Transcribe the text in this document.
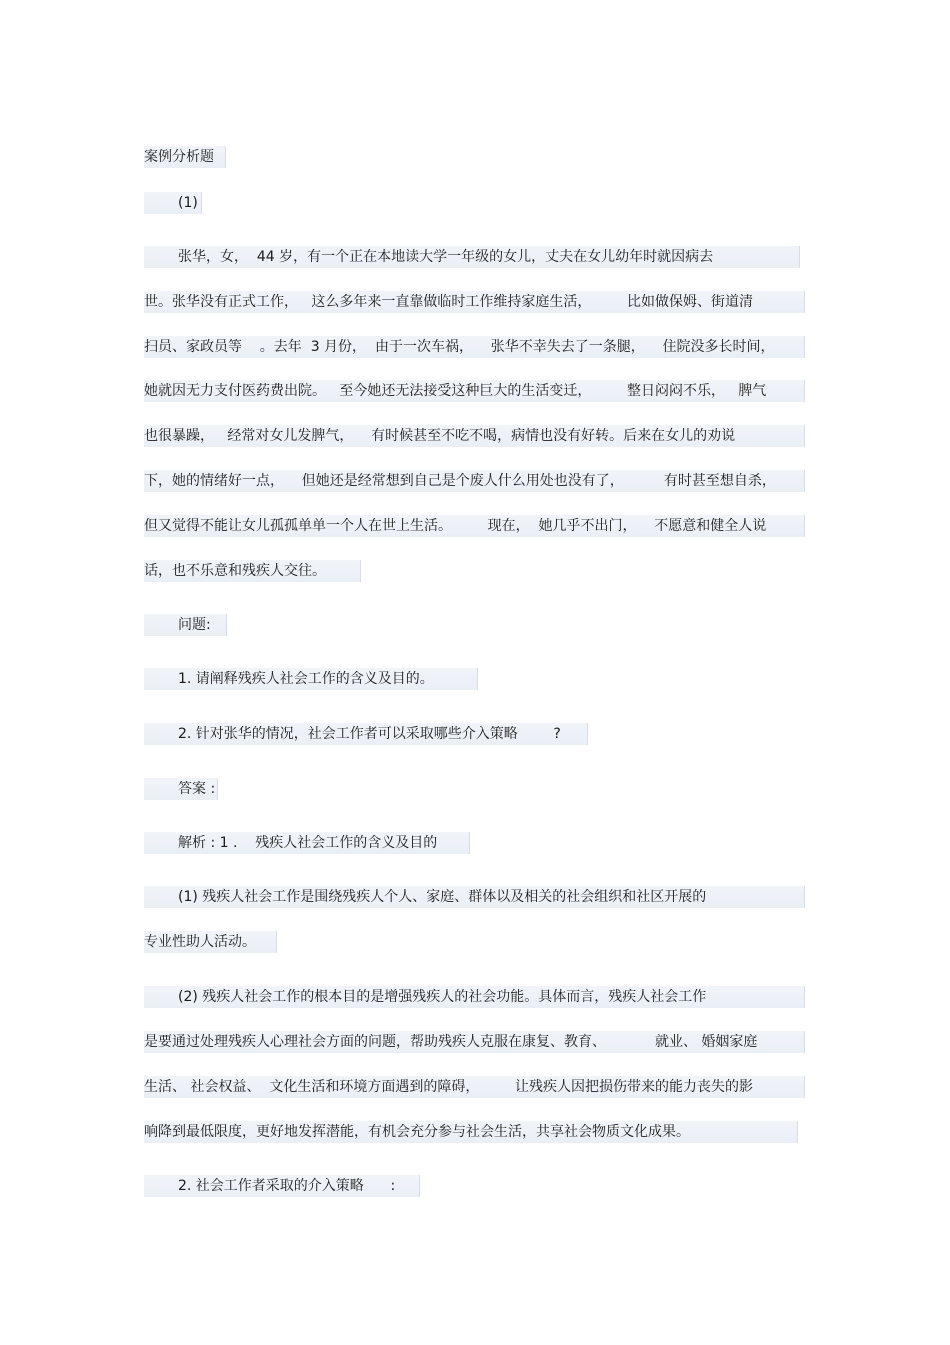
案例分析题
(1)
张华，女，  44 岁，有一个正在本地读大学一年级的女儿，丈夫在女儿幼年时就因病去
世。张华没有正式工作，   这么多年来一直靠做临时工作维持家庭生活，        比如做保姆、街道清
扫员、家政员等    。去年  3 月份，  由于一次车祸，    张华不幸失去了一条腿，    住院没多长时间，
她就因无力支付医药费出院。   至今她还无法接受这种巨大的生活变迁，        整日闷闷不乐，   脾气
也很暴躁，   经常对女儿发脾气，    有时候甚至不吃不喝，病情也没有好转。后来在女儿的劝说
下，她的情绪好一点，    但她还是经常想到自己是个废人什么用处也没有了，         有时甚至想自杀，
但又觉得不能让女儿孤孤单单一个人在世上生活。        现在，  她几乎不出门，    不愿意和健全人说
话，也不乐意和残疾人交往。
问题:
1. 请阐释残疾人社会工作的含义及目的。
2. 针对张华的情况，社会工作者可以采取哪些介入策略        ?
答案 :
解析 : 1 .    残疾人社会工作的含义及目的
(1) 残疾人社会工作是围绕残疾人个人、家庭、群体以及相关的社会组织和社区开展的
专业性助人活动。
(2) 残疾人社会工作的根本目的是增强残疾人的社会功能。具体而言，残疾人社会工作
是要通过处理残疾人心理社会方面的问题，帮助残疾人克服在康复、教育、           就业、 婚姻家庭
生活、 社会权益、  文化生活和环境方面遇到的障碍，        让残疾人因把损伤带来的能力丧失的影
响降到最低限度，更好地发挥潜能，有机会充分参与社会生活，共享社会物质文化成果。
2. 社会工作者采取的介入策略      :
